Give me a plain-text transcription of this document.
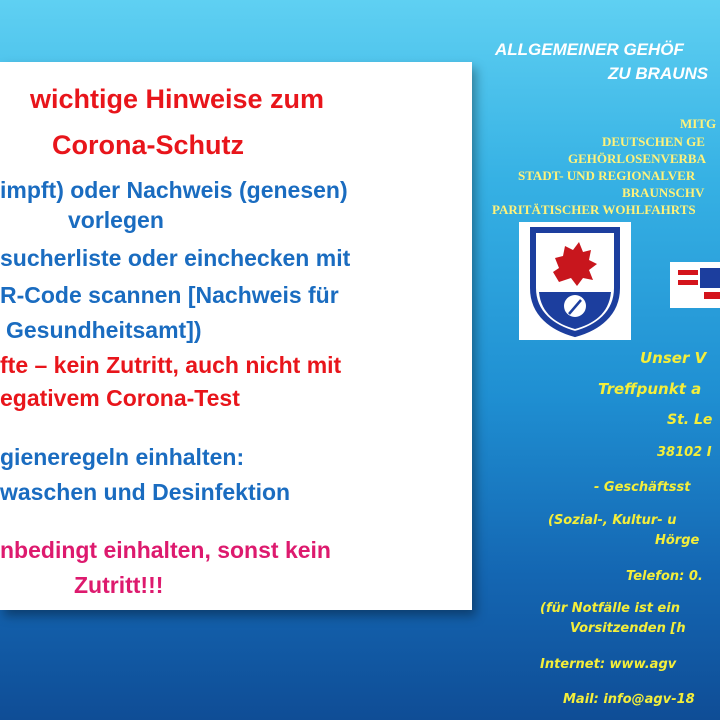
wichtige Hinweise zum
Corona-Schutz
impft) oder Nachweis (genesen)
vorlegen
sucherliste oder einchecken mit
R-Code scannen [Nachweis für
Gesundheitsamt])
fte – kein Zutritt, auch nicht mit
egativem Corona-Test
gieneregeln einhalten:
waschen und Desinfektion
nbedingt einhalten, sonst kein
Zutritt!!!
ALLGEMEINER GEHÖF
ZU BRAUNS
MITG
DEUTSCHEN GE
GEHÖRLOSENVERBA
STADT- UND REGIONALVER
BRAUNSCHV
PARITÄTISCHER WOHLFAHRTS
Unser V
Treffpunkt a
St. Le
38102 I
- Geschäftsst
(Sozial-, Kultur- u
Hörge
Telefon: 0.
(für Notfälle ist ein
Vorsitzenden [h
Internet: www.agv
Mail: info@agv-18
